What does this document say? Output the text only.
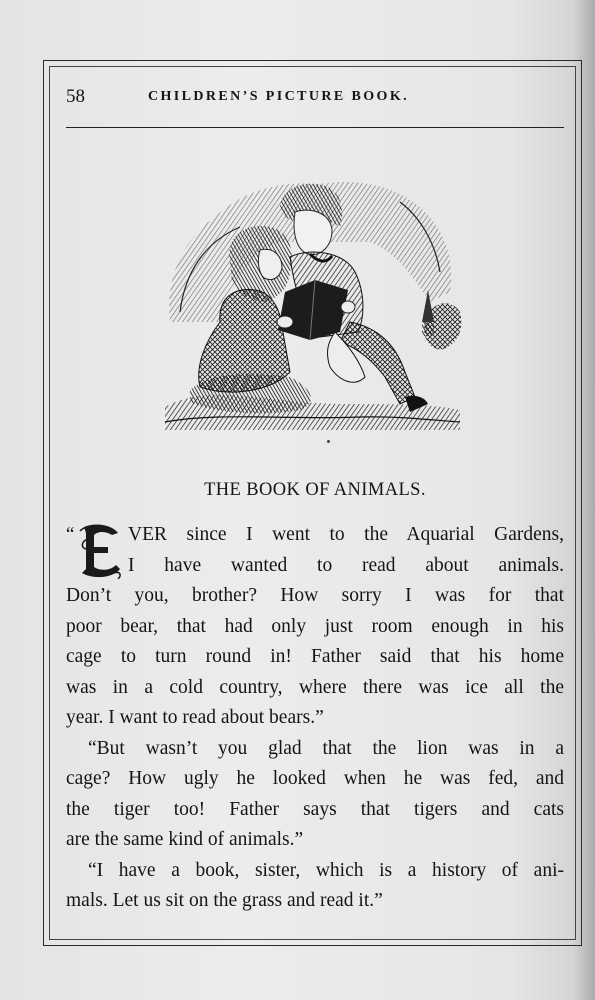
58	CHILDREN’S PICTURE BOOK.
THE BOOK OF ANIMALS.
“	VER since I went to the Aquarial Gardens,
I have wanted to read about animals.
Don’t you, brother? How sorry I was for that
poor bear, that had only just room enough in his
cage to turn round in! Father said that his home
was in a cold country, where there was ice all the
year. I want to read about bears.”
“But wasn’t you glad that the lion was in a
cage? How ugly he looked when he was fed, and
the tiger too! Father says that tigers and cats
are the same kind of animals.”
“I have a book, sister, which is a history of ani-
mals. Let us sit on the grass and read it.”
